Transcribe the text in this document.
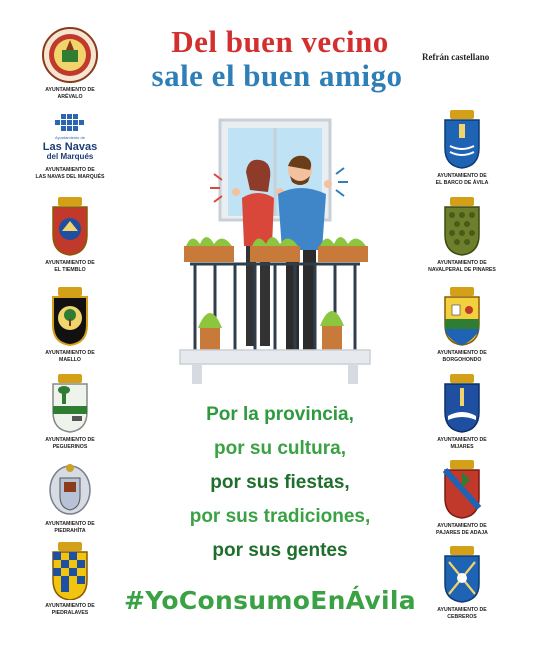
Del buen vecino
sale el buen amigo
Refrán castellano
AYUNTAMIENTO DE
ARÉVALO
Ayuntamiento de
Las Navas
del Marqués
AYUNTAMIENTO DE
LAS NAVAS DEL MARQUÉS
AYUNTAMIENTO DE
EL TIEMBLO
AYUNTAMIENTO DE
MAELLO
AYUNTAMIENTO DE
PEGUERINOS
AYUNTAMIENTO DE
PIEDRAHÍTA
AYUNTAMIENTO DE
PIEDRALAVES
AYUNTAMIENTO DE
EL BARCO DE ÁVILA
AYUNTAMIENTO DE
NAVALPERAL DE PINARES
AYUNTAMIENTO DE
BORGOHONDO
AYUNTAMIENTO DE
MIJARES
AYUNTAMIENTO DE
PAJARES DE ADAJA
AYUNTAMIENTO DE
CEBREROS
Por la provincia,
por su cultura,
por sus fiestas,
por sus tradiciones,
por sus gentes
#YoConsumoEnÁvila
